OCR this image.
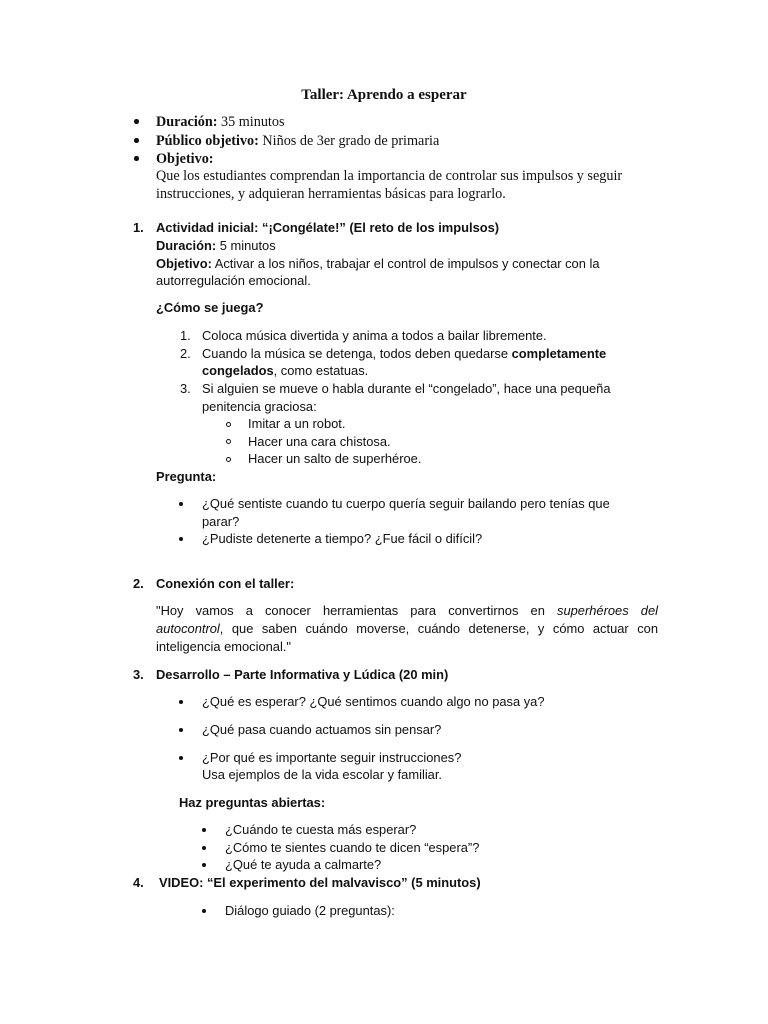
Taller: Aprendo a esperar
Duración: 35 minutos
Público objetivo: Niños de 3er grado de primaria
Objetivo:
Que los estudiantes comprendan la importancia de controlar sus impulsos y seguir
instrucciones, y adquieran herramientas básicas para lograrlo.
1. Actividad inicial: “¡Congélate!” (El reto de los impulsos)
Duración: 5 minutos
Objetivo: Activar a los niños, trabajar el control de impulsos y conectar con la
autorregulación emocional.
¿Cómo se juega?
1. Coloca música divertida y anima a todos a bailar libremente.
2. Cuando la música se detenga, todos deben quedarse completamente
congelados, como estatuas.
3. Si alguien se mueve o habla durante el “congelado”, hace una pequeña
penitencia graciosa:
Imitar a un robot.
Hacer una cara chistosa.
Hacer un salto de superhéroe.
Pregunta:
¿Qué sentiste cuando tu cuerpo quería seguir bailando pero tenías que
parar?
¿Pudiste detenerte a tiempo? ¿Fue fácil o difícil?
2. Conexión con el taller:
"Hoy vamos a conocer herramientas para convertirnos en superhéroes del
autocontrol, que saben cuándo moverse, cuándo detenerse, y cómo actuar con
inteligencia emocional."
3. Desarrollo – Parte Informativa y Lúdica (20 min)
¿Qué es esperar? ¿Qué sentimos cuando algo no pasa ya?
¿Qué pasa cuando actuamos sin pensar?
¿Por qué es importante seguir instrucciones?
Usa ejemplos de la vida escolar y familiar.
Haz preguntas abiertas:
¿Cuándo te cuesta más esperar?
¿Cómo te sientes cuando te dicen “espera”?
¿Qué te ayuda a calmarte?
4. VIDEO: “El experimento del malvavisco” (5 minutos)
Diálogo guiado (2 preguntas):
